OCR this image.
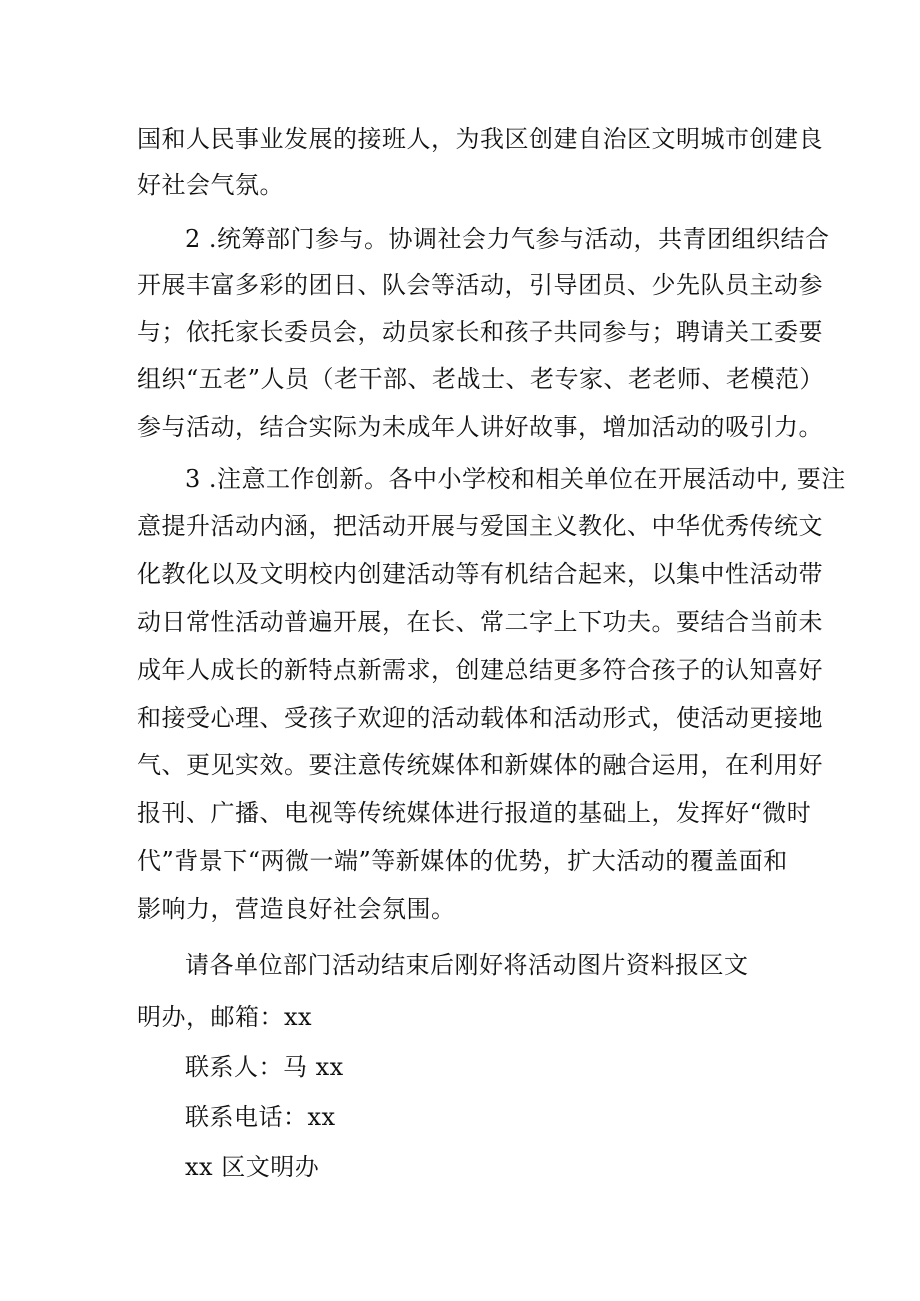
国和人民事业发展的接班人，为我区创建自治区文明城市创建良
好社会气氛。
2 .统筹部门参与。协调社会力气参与活动，共青团组织结合
开展丰富多彩的团日、队会等活动，引导团员、少先队员主动参
与；依托家长委员会，动员家长和孩子共同参与；聘请关工委要
组织“五老”人员（老干部、老战士、老专家、老老师、老模范）
参与活动，结合实际为未成年人讲好故事，增加活动的吸引力。
3 .注意工作创新。各中小学校和相关单位在开展活动中, 要注
意提升活动内涵，把活动开展与爱国主义教化、中华优秀传统文
化教化以及文明校内创建活动等有机结合起来，以集中性活动带
动日常性活动普遍开展，在长、常二字上下功夫。要结合当前未
成年人成长的新特点新需求，创建总结更多符合孩子的认知喜好
和接受心理、受孩子欢迎的活动载体和活动形式，使活动更接地
气、更见实效。要注意传统媒体和新媒体的融合运用，在利用好
报刊、广播、电视等传统媒体进行报道的基础上，发挥好“微时
代”背景下“两微一端”等新媒体的优势，扩大活动的覆盖面和
影响力，营造良好社会氛围。
请各单位部门活动结束后刚好将活动图片资料报区文
明办，邮箱：xx
联系人：马 xx
联系电话：xx
xx 区文明办
